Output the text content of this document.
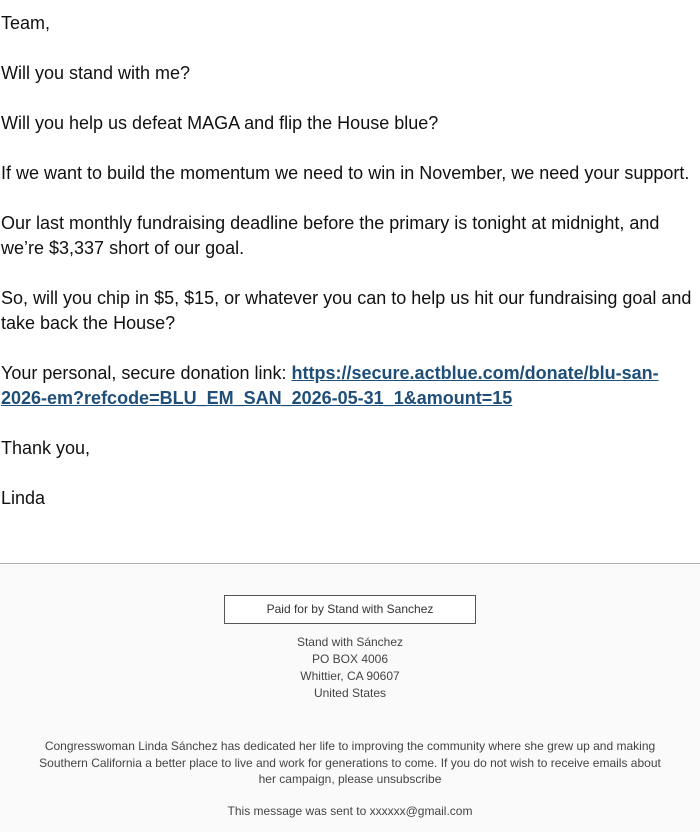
Team,

Will you stand with me?

Will you help us defeat MAGA and flip the House blue?

If we want to build the momentum we need to win in November, we need your support.

Our last monthly fundraising deadline before the primary is tonight at midnight, and we’re $3,337 short of our goal.

So, will you chip in $5, $15, or whatever you can to help us hit our fundraising goal and take back the House?

Your personal, secure donation link: https://secure.actblue.com/donate/blu-san-2026-em?refcode=BLU_EM_SAN_2026-05-31_1&amount=15

Thank you,

Linda

Paid for by Stand with Sanchez
Stand with Sánchez
PO BOX 4006
Whittier, CA 90607
United States
Congresswoman Linda Sánchez has dedicated her life to improving the community where she grew up and making Southern California a better place to live and work for generations to come. If you do not wish to receive emails about her campaign, please unsubscribe
This message was sent to xxxxxx@gmail.com
